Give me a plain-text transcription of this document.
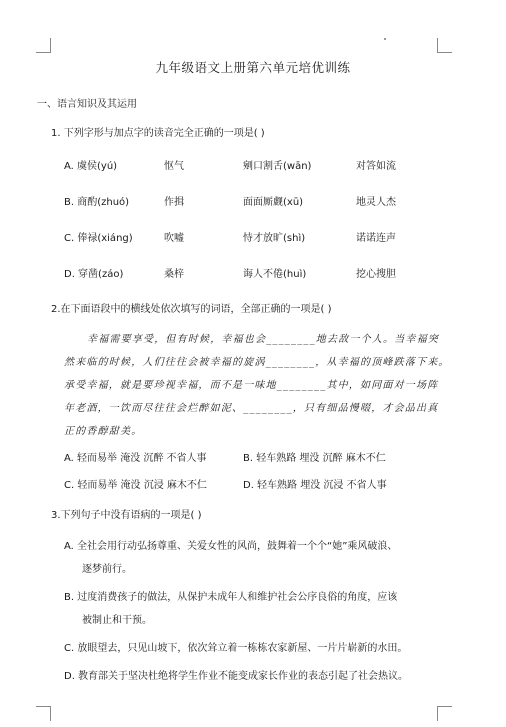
九年级语文上册第六单元培优训练
一、语言知识及其运用
1. 下列字形与加点字的读音完全正确的一项是( )
A. 虞侯(yú)	怄气	剜口割舌(wān)	对答如流
B. 商酌(zhuó)	作揖	面面厮觑(xū)	地灵人杰
C. 俸禄(xiáng)	吹嘘	恃才放旷(shì)	诺诺连声
D. 穿凿(záo)	桑梓	诲人不倦(huì)	挖心搜胆
2.在下面语段中的横线处依次填写的词语，全部正确的一项是( )
幸福需要享受，但有时候，幸福也会________地去敌一个人。当幸福突
然来临的时候，人们往往会被幸福的旋涡________，从幸福的顶峰跌落下来。
承受幸福，就是要珍视幸福，而不是一味地________其中，如同面对一场阵
年老酒，一饮而尽往往会烂醉如泥、________，只有细品慢啜，才会品出真
正的香醇甜美。
A. 轻而易举 淹没 沉醉 不省人事	B. 轻车熟路 埋没 沉醉 麻木不仁
C. 轻而易举 淹没 沉浸 麻木不仁	D. 轻车熟路 埋没 沉浸 不省人事
3.下列句子中没有语病的一项是( )
A. 全社会用行动弘扬尊重、关爱女性的风尚，鼓舞着一个个“她”乘风破浪、
逐梦前行。
B. 过度消费孩子的做法，从保护未成年人和维护社会公序良俗的角度，应该
被制止和干预。
C. 放眼望去，只见山坡下，依次耸立着一栋栋农家新屋、一片片崭新的水田。
D. 教育部关于坚决杜绝将学生作业不能变成家长作业的表态引起了社会热议。
